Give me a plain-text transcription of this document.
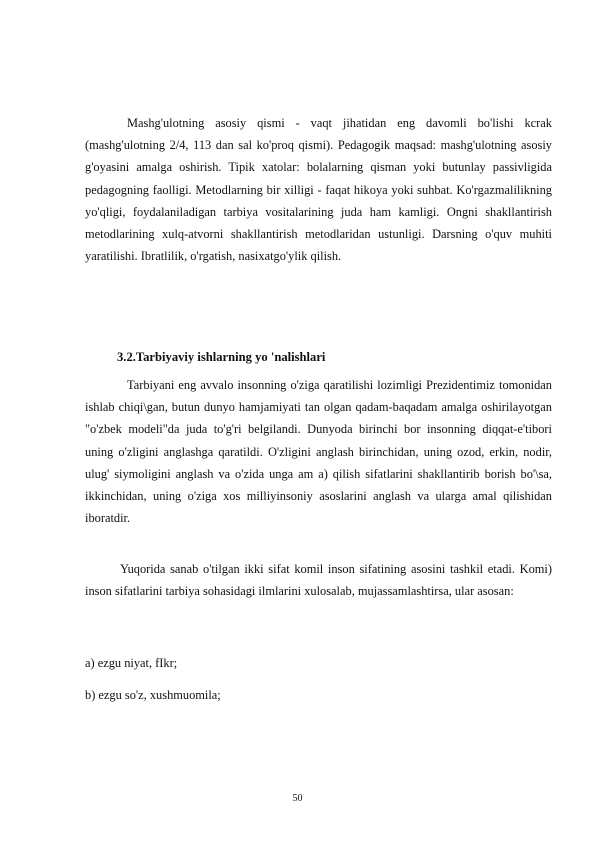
Mashg'ulotning asosiy qismi - vaqt jihatidan eng davomli bo'lishi kcrak (mashg'ulotning 2/4, 113 dan sal ko'proq qismi). Pedagogik maqsad: mashg'ulotning asosiy g'oyasini amalga oshirish. Tipik xatolar: bolalarning qisman yoki butunlay passivligida pedagogning faolligi. Metodlarning bir xilligi - faqat hikoya yoki suhbat. Ko'rgazmalilikning yo'qligi, foydalaniladigan tarbiya vositalarining juda ham kamligi. Ongni shakllantirish metodlarining xulq-atvorni shakllantirish metodlaridan ustunligi. Darsning o'quv muhiti yaratilishi. Ibratlilik, o'rgatish, nasixatgo'ylik qilish.

3.2.Tarbiyaviy ishlarning yo 'nalishlari

Tarbiyani eng avvalo insonning o'ziga qaratilishi lozimligi Prezidentimiz tomonidan ishlab chiqi\gan, butun dunyo hamjamiyati tan olgan qadam-baqadam amalga oshirilayotgan "o'zbek modeli"da juda to'g'ri belgilandi. Dunyoda birinchi bor insonning diqqat-e'tibori uning o'zligini anglashga qaratildi. O'zligini anglash birinchidan, uning ozod, erkin, nodir, ulug' siymoligini anglash va o'zida unga am a) qilish sifatlarini shakllantirib borish bo'\sa, ikkinchidan, uning o'ziga xos milliyinsoniy asoslarini anglash va ularga amal qilishidan iboratdir.

Yuqorida sanab o'tilgan ikki sifat komil inson sifatining asosini tashkil etadi. Komi) inson sifatlarini tarbiya sohasidagi ilmlarini xulosalab, mujassamlashtirsa, ular asosan:

a) ezgu niyat, fIkr;

b) ezgu so'z, xushmuomila;

50
